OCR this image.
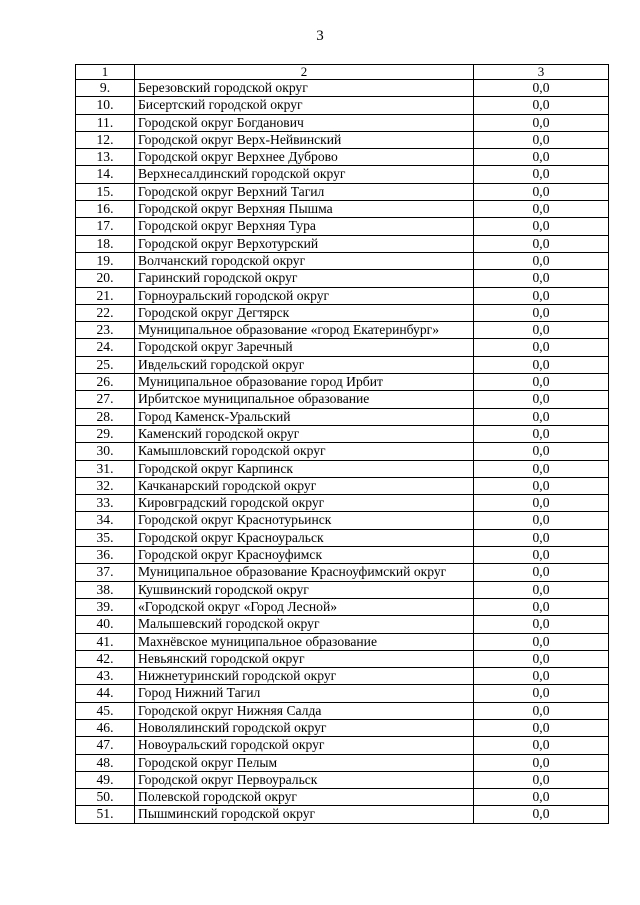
3
1	2	3
9.	Березовский городской округ	0,0
10.	Бисертский городской округ	0,0
11.	Городской округ Богданович	0,0
12.	Городской округ Верх-Нейвинский	0,0
13.	Городской округ Верхнее Дуброво	0,0
14.	Верхнесалдинский городской округ	0,0
15.	Городской округ Верхний Тагил	0,0
16.	Городской округ Верхняя Пышма	0,0
17.	Городской округ Верхняя Тура	0,0
18.	Городской округ Верхотурский	0,0
19.	Волчанский городской округ	0,0
20.	Гаринский городской округ	0,0
21.	Горноуральский городской округ	0,0
22.	Городской округ Дегтярск	0,0
23.	Муниципальное образование «город Екатеринбург»	0,0
24.	Городской округ Заречный	0,0
25.	Ивдельский городской округ	0,0
26.	Муниципальное образование город Ирбит	0,0
27.	Ирбитское муниципальное образование	0,0
28.	Город Каменск-Уральский	0,0
29.	Каменский городской округ	0,0
30.	Камышловский городской округ	0,0
31.	Городской округ Карпинск	0,0
32.	Качканарский городской округ	0,0
33.	Кировградский городской округ	0,0
34.	Городской округ Краснотурьинск	0,0
35.	Городской округ Красноуральск	0,0
36.	Городской округ Красноуфимск	0,0
37.	Муниципальное образование Красноуфимский округ	0,0
38.	Кушвинский городской округ	0,0
39.	«Городской округ «Город Лесной»	0,0
40.	Малышевский городской округ	0,0
41.	Махнёвское муниципальное образование	0,0
42.	Невьянский городской округ	0,0
43.	Нижнетуринский городской округ	0,0
44.	Город Нижний Тагил	0,0
45.	Городской округ Нижняя Салда	0,0
46.	Новолялинский городской округ	0,0
47.	Новоуральский городской округ	0,0
48.	Городской округ Пелым	0,0
49.	Городской округ Первоуральск	0,0
50.	Полевской городской округ	0,0
51.	Пышминский городской округ	0,0
